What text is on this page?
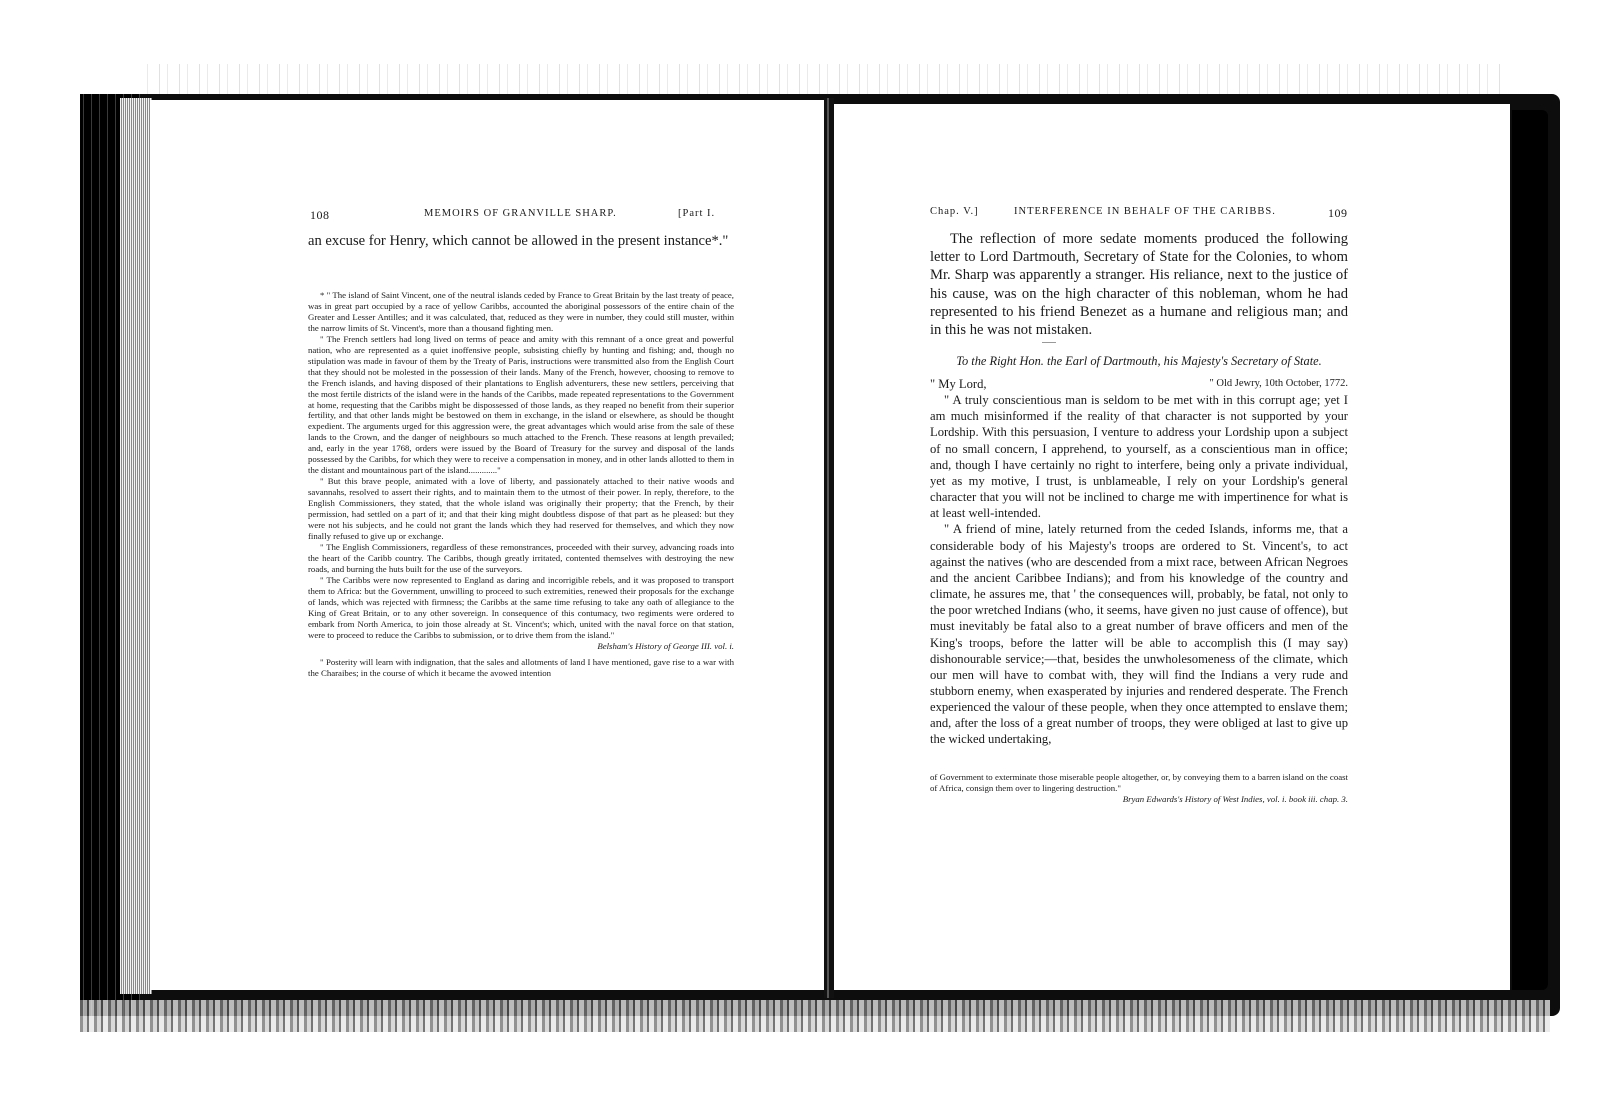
108	MEMOIRS OF GRANVILLE SHARP.	[Part I.

an excuse for Henry, which cannot be allowed in the present instance*."

* " The island of Saint Vincent, one of the neutral islands ceded by France to Great Britain by the last treaty of peace, was in great part occupied by a race of yellow Caribbs, accounted the aboriginal possessors of the entire chain of the Greater and Lesser Antilles; and it was calculated, that, reduced as they were in number, they could still muster, within the narrow limits of St. Vincent's, more than a thousand fighting men.

" The French settlers had long lived on terms of peace and amity with this remnant of a once great and powerful nation, who are represented as a quiet inoffensive people, subsisting chiefly by hunting and fishing; and, though no stipulation was made in favour of them by the Treaty of Paris, instructions were transmitted also from the English Court that they should not be molested in the possession of their lands. Many of the French, however, choosing to remove to the French islands, and having disposed of their plantations to English adventurers, these new settlers, perceiving that the most fertile districts of the island were in the hands of the Caribbs, made repeated representations to the Government at home, requesting that the Caribbs might be dispossessed of those lands, as they reaped no benefit from their superior fertility, and that other lands might be bestowed on them in exchange, in the island or elsewhere, as should be thought expedient. The arguments urged for this aggression were, the great advantages which would arise from the sale of these lands to the Crown, and the danger of neighbours so much attached to the French. These reasons at length prevailed; and, early in the year 1768, orders were issued by the Board of Treasury for the survey and disposal of the lands possessed by the Caribbs, for which they were to receive a compensation in money, and in other lands allotted to them in the distant and mountainous part of the island............."

" But this brave people, animated with a love of liberty, and passionately attached to their native woods and savannahs, resolved to assert their rights, and to maintain them to the utmost of their power. In reply, therefore, to the English Commissioners, they stated, that the whole island was originally their property; that the French, by their permission, had settled on a part of it; and that their king might doubtless dispose of that part as he pleased: but they were not his subjects, and he could not grant the lands which they had reserved for themselves, and which they now finally refused to give up or exchange.

" The English Commissioners, regardless of these remonstrances, proceeded with their survey, advancing roads into the heart of the Caribb country. The Caribbs, though greatly irritated, contented themselves with destroying the new roads, and burning the huts built for the use of the surveyors.

" The Caribbs were now represented to England as daring and incorrigible rebels, and it was proposed to transport them to Africa: but the Government, unwilling to proceed to such extremities, renewed their proposals for the exchange of lands, which was rejected with firmness; the Caribbs at the same time refusing to take any oath of allegiance to the King of Great Britain, or to any other sovereign. In consequence of this contumacy, two regiments were ordered to embark from North America, to join those already at St. Vincent's; which, united with the naval force on that station, were to proceed to reduce the Caribbs to submission, or to drive them from the island."

Belsham's History of George III. vol. i.

" Posterity will learn with indignation, that the sales and allotments of land I have mentioned, gave rise to a war with the Charaibes; in the course of which it became the avowed intention

Chap. V.]	INTERFERENCE IN BEHALF OF THE CARIBBS.	109

The reflection of more sedate moments produced the following letter to Lord Dartmouth, Secretary of State for the Colonies, to whom Mr. Sharp was apparently a stranger. His reliance, next to the justice of his cause, was on the high character of this nobleman, whom he had represented to his friend Benezet as a humane and religious man; and in this he was not mistaken.

To the Right Hon. the Earl of Dartmouth, his Majesty's Secretary of State.

" My Lord,	" Old Jewry, 10th October, 1772.

" A truly conscientious man is seldom to be met with in this corrupt age; yet I am much misinformed if the reality of that character is not supported by your Lordship. With this persuasion, I venture to address your Lordship upon a subject of no small concern, I apprehend, to yourself, as a conscientious man in office; and, though I have certainly no right to interfere, being only a private individual, yet as my motive, I trust, is unblameable, I rely on your Lordship's general character that you will not be inclined to charge me with impertinence for what is at least well-intended.

" A friend of mine, lately returned from the ceded Islands, informs me, that a considerable body of his Majesty's troops are ordered to St. Vincent's, to act against the natives (who are descended from a mixt race, between African Negroes and the ancient Caribbee Indians); and from his knowledge of the country and climate, he assures me, that ' the consequences will, probably, be fatal, not only to the poor wretched Indians (who, it seems, have given no just cause of offence), but must inevitably be fatal also to a great number of brave officers and men of the King's troops, before the latter will be able to accomplish this (I may say) dishonourable service;—that, besides the unwholesomeness of the climate, which our men will have to combat with, they will find the Indians a very rude and stubborn enemy, when exasperated by injuries and rendered desperate. The French experienced the valour of these people, when they once attempted to enslave them; and, after the loss of a great number of troops, they were obliged at last to give up the wicked undertaking,

of Government to exterminate those miserable people altogether, or, by conveying them to a barren island on the coast of Africa, consign them over to lingering destruction."

Bryan Edwards's History of West Indies, vol. i. book iii. chap. 3.
